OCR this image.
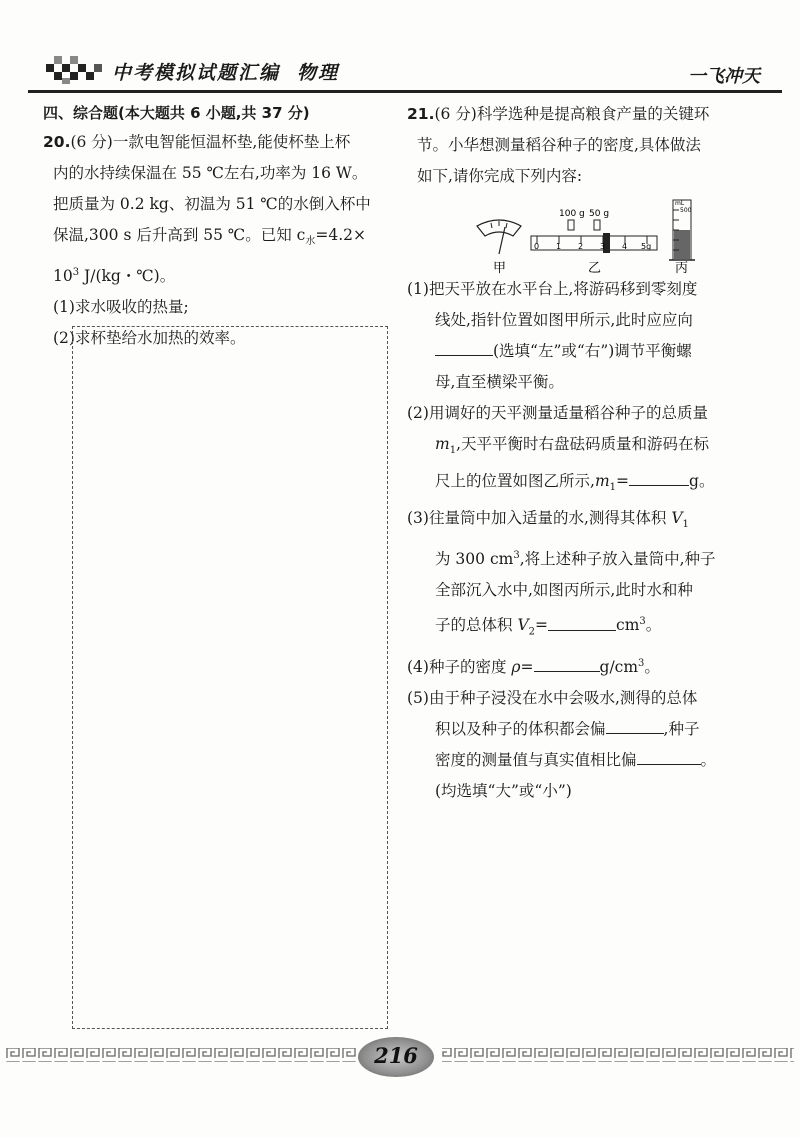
中考模拟试题汇编 物理	一飞冲天
四、综合题(本大题共 6 小题,共 37 分)
20.(6 分)一款电智能恒温杯垫,能使杯垫上杯
内的水持续保温在 55 ℃左右,功率为 16 W。
把质量为 0.2 kg、初温为 51 ℃的水倒入杯中
保温,300 s 后升高到 55 ℃。已知 $c_水=4.2\times$
$10^3$ J/(kg・℃)。
(1)求水吸收的热量;
(2)求杯垫给水加热的效率。
21.(6 分)科学选种是提高粮食产量的关键环
节。小华想测量稻谷种子的密度,具体做法
如下,请你完成下列内容:
100 g 50 g
0 1 2 3 4 5g
mL
500
甲	乙	丙
(1)把天平放在水平台上,将游码移到零刻度
线处,指针位置如图甲所示,此时应应向
(选填“左”或“右”)调节平衡螺
母,直至横梁平衡。
(2)用调好的天平测量适量稻谷种子的总质量
$m_1$,天平平衡时右盘砝码质量和游码在标
尺上的位置如图乙所示$,m_1=$	g。
(3)往量筒中加入适量的水,测得其体积 $V_1$
为 300 $cm^3$,将上述种子放入量筒中,种子
全部沉入水中,如图丙所示,此时水和种
子的总体积 $V_2=$	$cm^3$。
(4)种子的密度 ρ=	$g/cm^3$。
(5)由于种子浸没在水中会吸水,测得的总体
积以及种子的体积都会偏	,种子
密度的测量值与真实值相比偏	。
(均选填“大”或“小”)
216
